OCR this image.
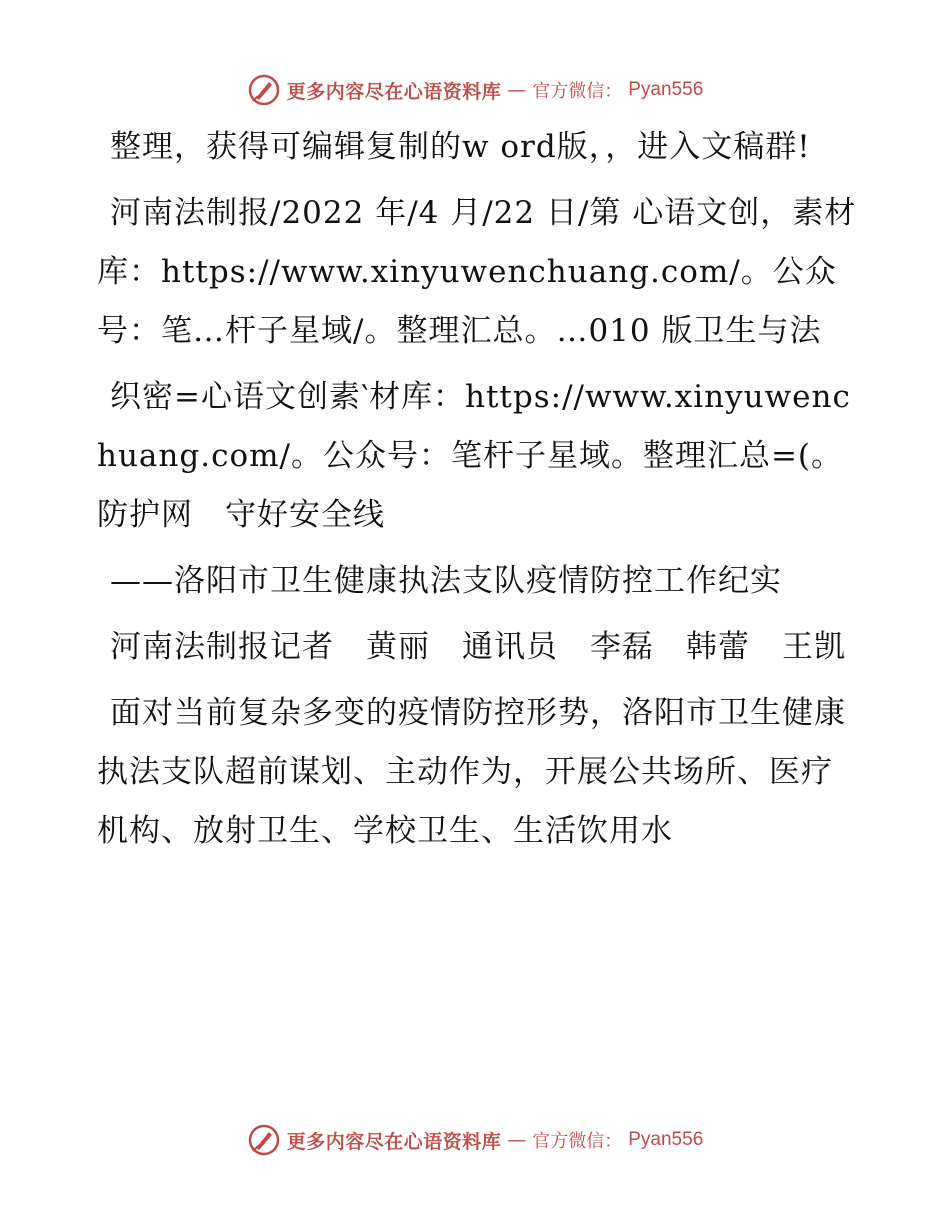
更多内容尽在心语资料库 — 官方微信： Pyan556

整理，获得可编辑复制的w ord版，，进入文稿群!

河南法制报/2022 年/4 月/22 日/第 心语文创，素材库：https://www.xinyuwenchuang.com/。公众号：笔…杆子星域/。整理汇总。…010 版卫生与法

织密=心语文创素‵材库：https://www.xinyuwenchuang.com/。公众号：笔杆子星域。整理汇总=(。防护网　守好安全线

——洛阳市卫生健康执法支队疫情防控工作纪实

河南法制报记者　黄丽　通讯员　李磊　韩蕾　王凯

面对当前复杂多变的疫情防控形势，洛阳市卫生健康执法支队超前谋划、主动作为，开展公共场所、医疗机构、放射卫生、学校卫生、生活饮用水

更多内容尽在心语资料库 — 官方微信： Pyan556
